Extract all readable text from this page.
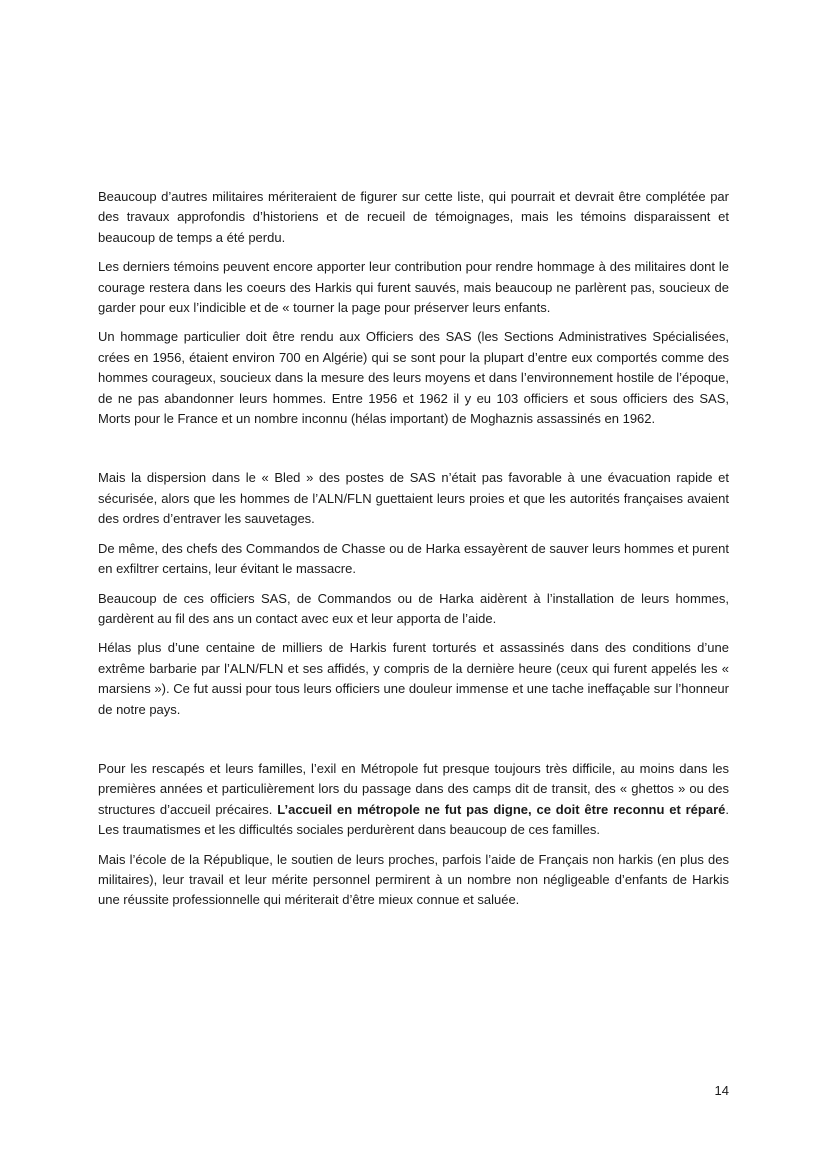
Beaucoup d’autres militaires mériteraient de figurer sur cette liste, qui pourrait et devrait être complétée par des travaux approfondis d’historiens et de recueil de témoignages, mais les témoins disparaissent et beaucoup de temps a été perdu.

Les derniers témoins peuvent encore apporter leur contribution pour rendre hommage à des militaires dont le courage restera dans les coeurs des Harkis qui furent sauvés, mais beaucoup ne parlèrent pas, soucieux de garder pour eux l’indicible et de « tourner la page pour préserver leurs enfants.

Un hommage particulier doit être rendu aux Officiers des SAS (les Sections Administratives Spécialisées, crées en 1956, étaient environ 700 en Algérie) qui se sont pour la plupart d’entre eux comportés comme des hommes courageux, soucieux dans la mesure des leurs moyens et dans l’environnement hostile de l’époque, de ne pas abandonner leurs hommes. Entre 1956 et 1962 il y eu 103 officiers et sous officiers des SAS, Morts pour le France et un nombre inconnu (hélas important) de Moghaznis assassinés en 1962.

Mais la dispersion dans le « Bled » des postes de SAS n’était pas favorable à une évacuation rapide et sécurisée, alors que les hommes de l’ALN/FLN guettaient leurs proies et que les autorités françaises avaient des ordres d’entraver les sauvetages.

De même, des chefs des Commandos de Chasse ou de Harka essayèrent de sauver leurs hommes et purent en exfiltrer certains, leur évitant le massacre.

Beaucoup de ces officiers SAS, de Commandos ou de Harka aidèrent à l’installation de leurs hommes, gardèrent au fil des ans un contact avec eux et leur apporta de l’aide.

Hélas plus d’une centaine de milliers de Harkis furent torturés et assassinés dans des conditions d’une extrême barbarie par l’ALN/FLN et ses affidés, y compris de la dernière heure (ceux qui furent appelés les « marsiens »). Ce fut aussi pour tous leurs officiers une douleur immense et une tache ineffaçable sur l’honneur de notre pays.

Pour les rescapés et leurs familles, l’exil en Métropole fut presque toujours très difficile, au moins dans les premières années et particulièrement lors du passage dans des camps dit de transit, des « ghettos » ou des structures d’accueil précaires. L’accueil en métropole ne fut pas digne, ce doit être reconnu et réparé. Les traumatismes et les difficultés sociales perdurèrent dans beaucoup de ces familles.

Mais l’école de la République, le soutien de leurs proches, parfois l’aide de Français non harkis (en plus des militaires), leur travail et leur mérite personnel permirent à un nombre non négligeable d’enfants de Harkis une réussite professionnelle qui mériterait d’être mieux connue et saluée.

14
